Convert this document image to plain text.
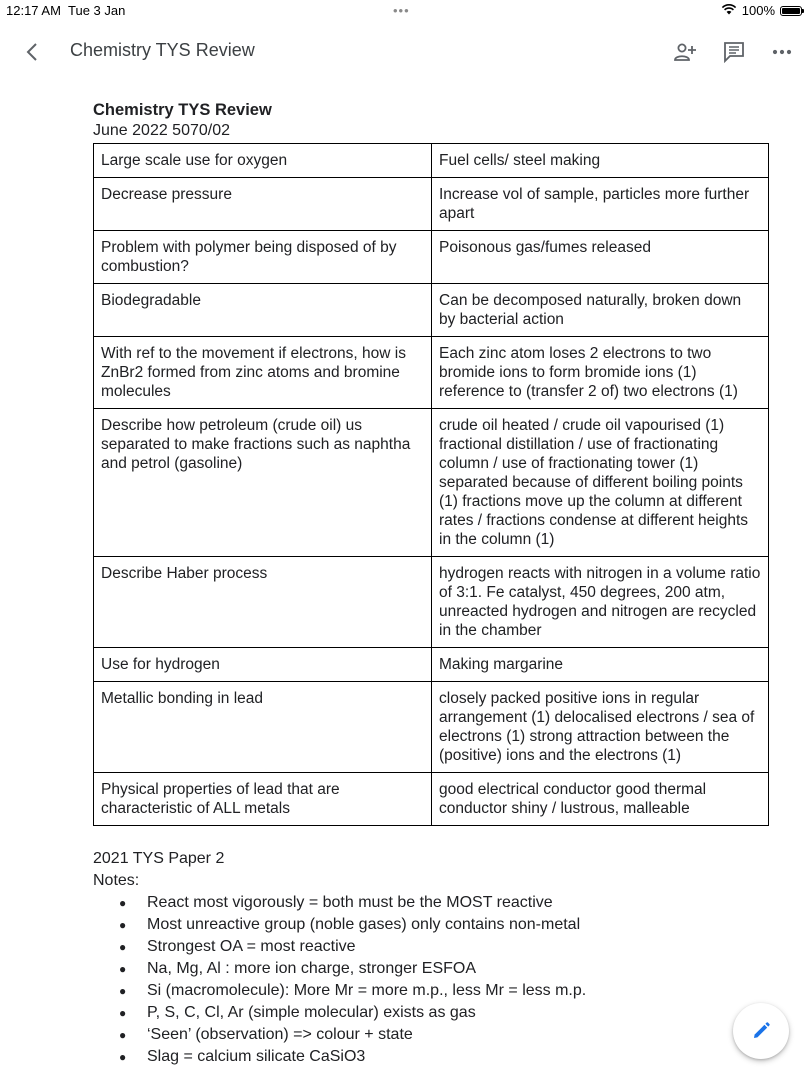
12:17 AM Tue 3 Jan	•••	100%
Chemistry TYS Review

Chemistry TYS Review

June 2022 5070/02

Large scale use for oxygen	Fuel cells/ steel making
Decrease pressure	Increase vol of sample, particles more further apart
Problem with polymer being disposed of by combustion?	Poisonous gas/fumes released
Biodegradable	Can be decomposed naturally, broken down by bacterial action
With ref to the movement if electrons, how is ZnBr2 formed from zinc atoms and bromine molecules	Each zinc atom loses 2 electrons to two bromide ions to form bromide ions (1) reference to (transfer 2 of) two electrons (1)
Describe how petroleum (crude oil) us separated to make fractions such as naphtha and petrol (gasoline)	crude oil heated / crude oil vapourised (1) fractional distillation / use of fractionating column / use of fractionating tower (1) separated because of different boiling points (1) fractions move up the column at different rates / fractions condense at different heights in the column (1)
Describe Haber process	hydrogen reacts with nitrogen in a volume ratio of 3:1. Fe catalyst, 450 degrees, 200 atm, unreacted hydrogen and nitrogen are recycled in the chamber
Use for hydrogen	Making margarine
Metallic bonding in lead	closely packed positive ions in regular arrangement (1) delocalised electrons / sea of electrons (1) strong attraction between the (positive) ions and the electrons (1)
Physical properties of lead that are characteristic of ALL metals	good electrical conductor good thermal conductor shiny / lustrous, malleable
2021 TYS Paper 2
Notes:
● React most vigorously = both must be the MOST reactive
● Most unreactive group (noble gases) only contains non-metal
● Strongest OA = most reactive
● Na, Mg, Al : more ion charge, stronger ESFOA
● Si (macromolecule): More Mr = more m.p., less Mr = less m.p.
● P, S, C, Cl, Ar (simple molecular) exists as gas
● ‘Seen’ (observation) => colour + state
● Slag = calcium silicate CaSiO3
